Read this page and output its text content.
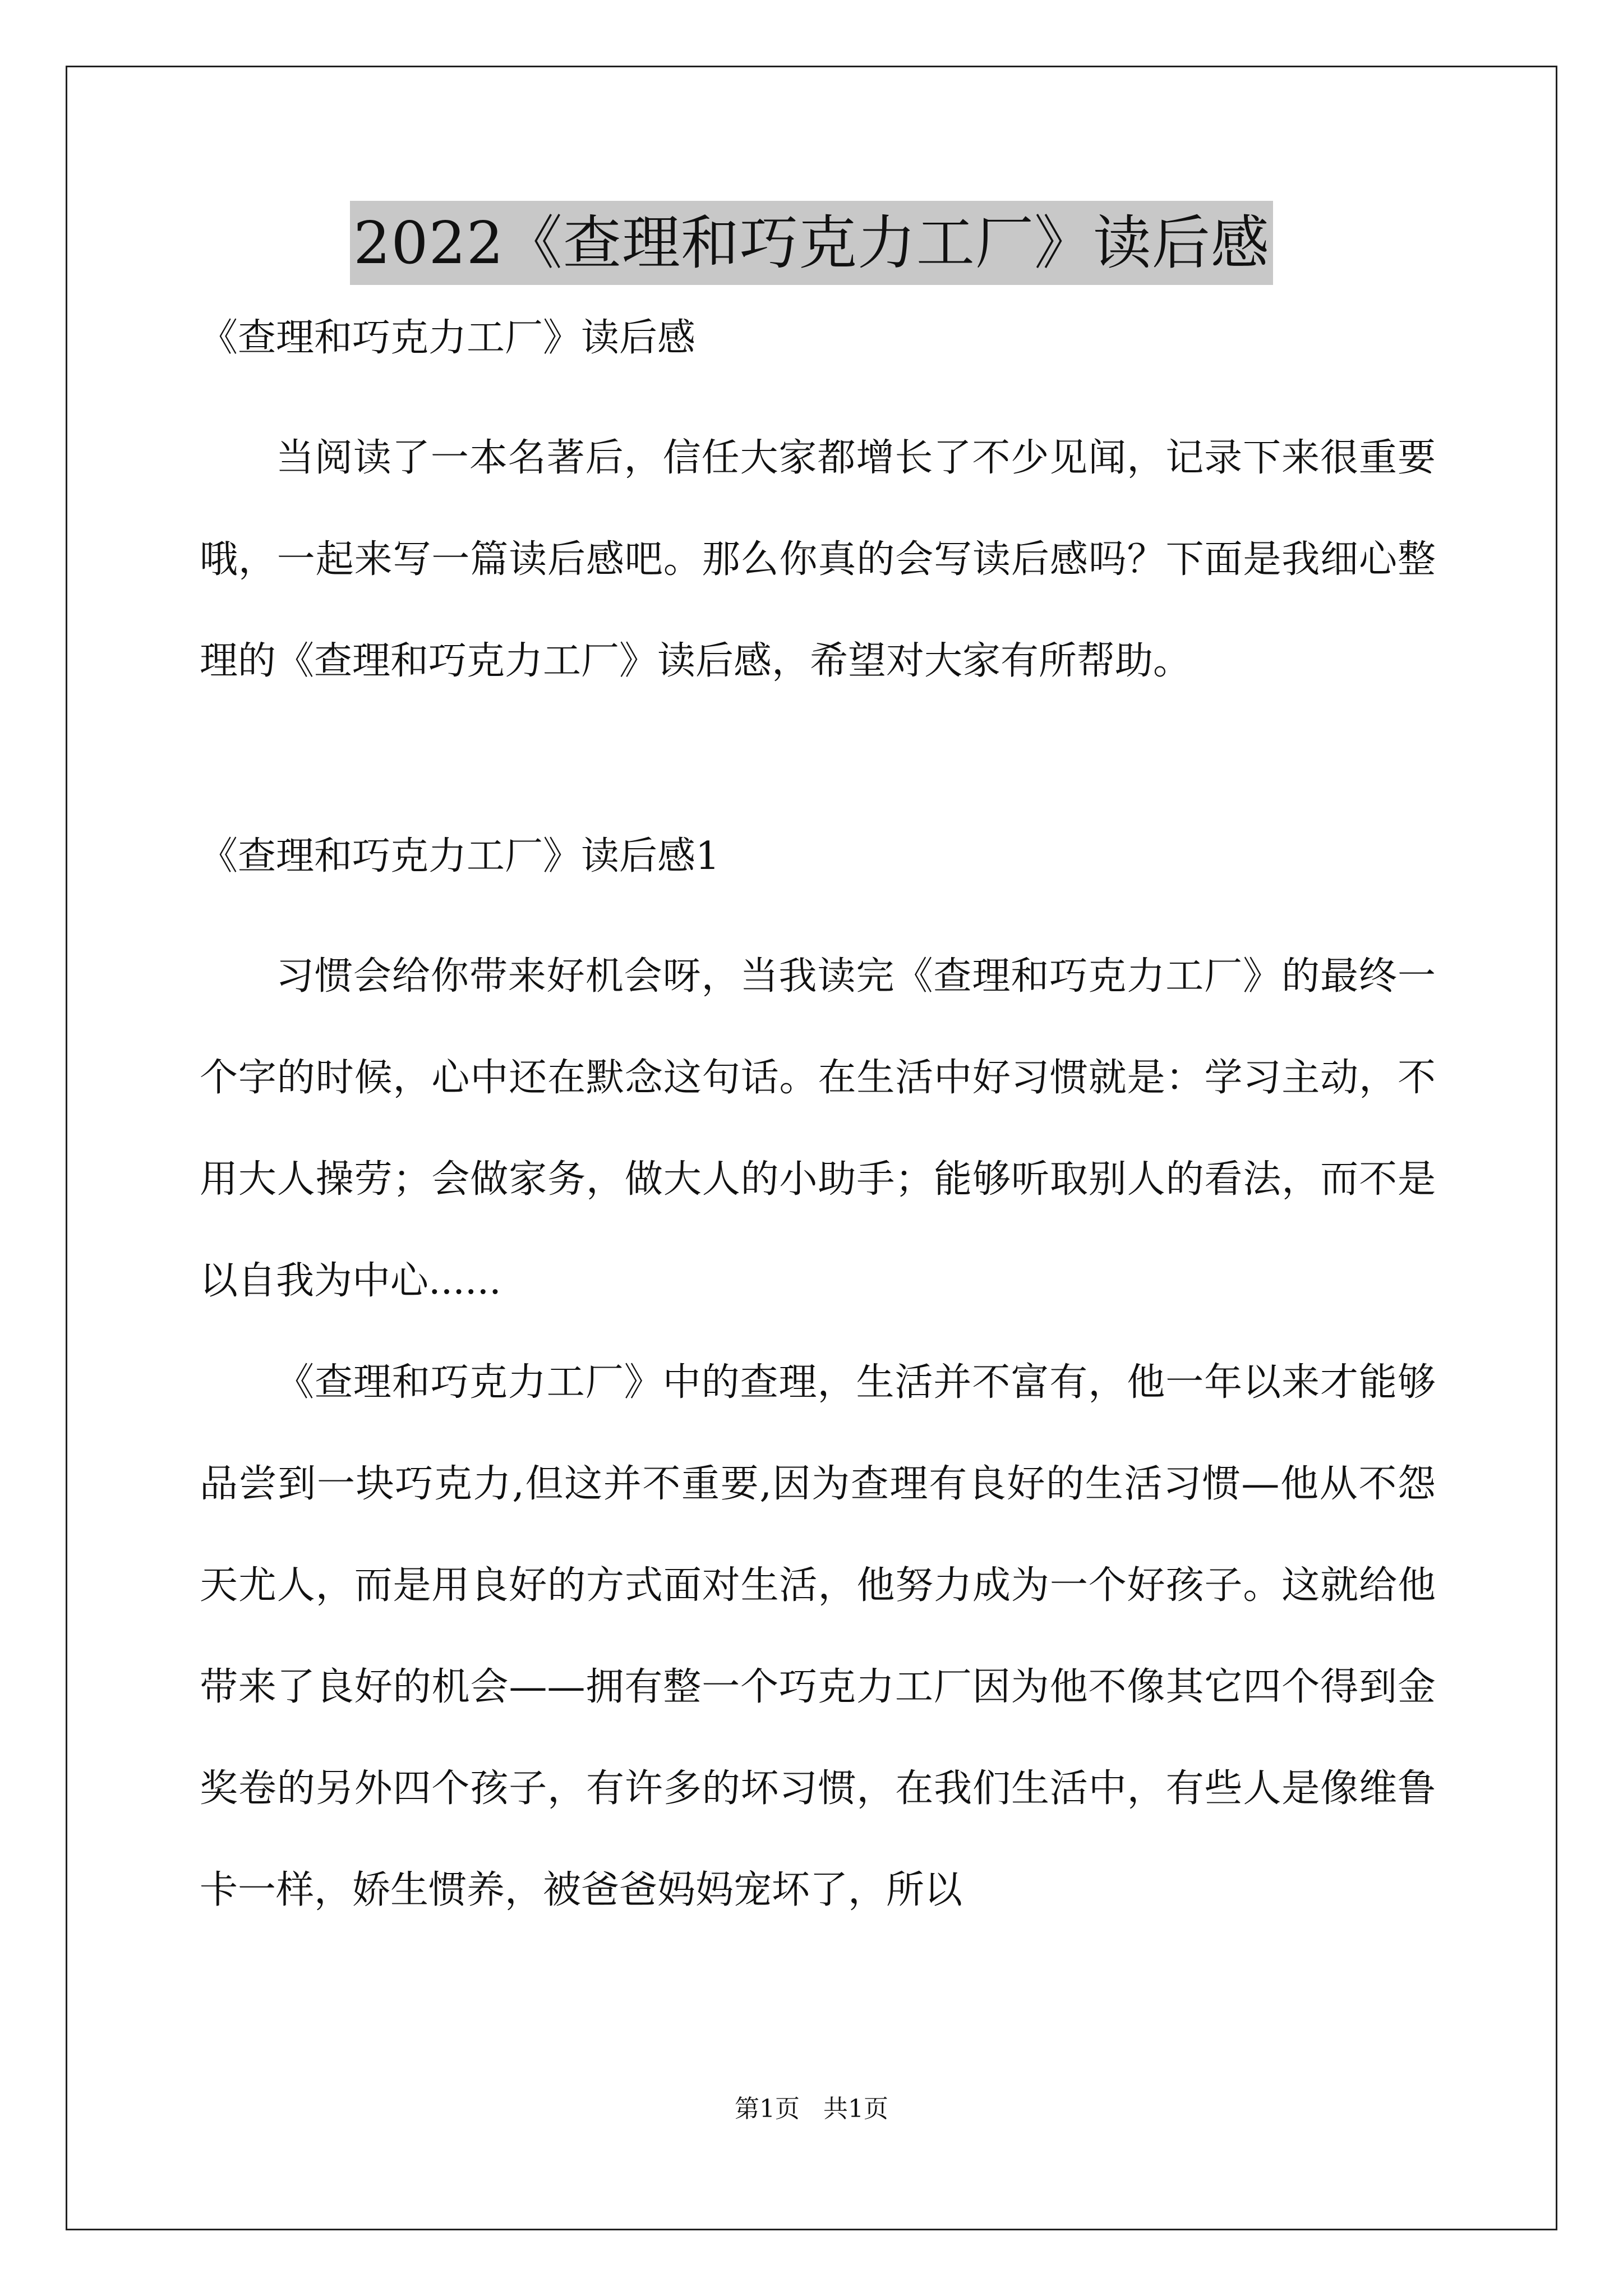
2022《查理和巧克力工厂》读后感

《查理和巧克力工厂》读后感

当阅读了一本名著后，信任大家都增长了不少见闻，记录下来很重要哦，一起来写一篇读后感吧。那么你真的会写读后感吗？下面是我细心整理的《查理和巧克力工厂》读后感，希望对大家有所帮助。

《查理和巧克力工厂》读后感1

习惯会给你带来好机会呀，当我读完《查理和巧克力工厂》的最终一个字的时候，心中还在默念这句话。在生活中好习惯就是：学习主动，不用大人操劳；会做家务，做大人的小助手；能够听取别人的看法，而不是以自我为中心......

《查理和巧克力工厂》中的查理，生活并不富有，他一年以来才能够品尝到一块巧克力,但这并不重要,因为查理有良好的生活习惯—他从不怨天尤人，而是用良好的方式面对生活，他努力成为一个好孩子。这就给他带来了良好的机会——拥有整一个巧克力工厂因为他不像其它四个得到金奖卷的另外四个孩子，有许多的坏习惯，在我们生活中，有些人是像维鲁卡一样，娇生惯养，被爸爸妈妈宠坏了，所以

第1页   共1页
